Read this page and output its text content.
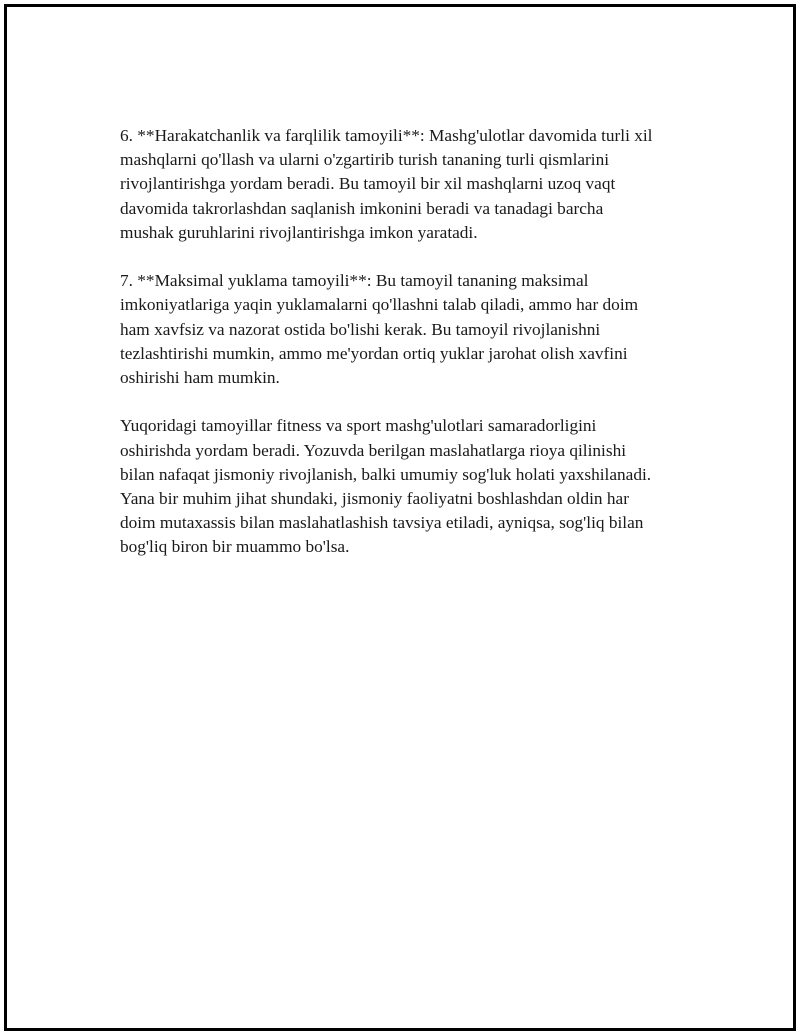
6. **Harakatchanlik va farqlilik tamoyili**: Mashg'ulotlar davomida turli xil
mashqlarni qo'llash va ularni o'zgartirib turish tananing turli qismlarini
rivojlantirishga yordam beradi. Bu tamoyil bir xil mashqlarni uzoq vaqt
davomida takrorlashdan saqlanish imkonini beradi va tanadagi barcha
mushak guruhlarini rivojlantirishga imkon yaratadi.

7. **Maksimal yuklama tamoyili**: Bu tamoyil tananing maksimal
imkoniyatlariga yaqin yuklamalarni qo'llashni talab qiladi, ammo har doim
ham xavfsiz va nazorat ostida bo'lishi kerak. Bu tamoyil rivojlanishni
tezlashtirishi mumkin, ammo me'yordan ortiq yuklar jarohat olish xavfini
oshirishi ham mumkin.

Yuqoridagi tamoyillar fitness va sport mashg'ulotlari samaradorligini
oshirishda yordam beradi. Yozuvda berilgan maslahatlarga rioya qilinishi
bilan nafaqat jismoniy rivojlanish, balki umumiy sog'luk holati yaxshilanadi.
Yana bir muhim jihat shundaki, jismoniy faoliyatni boshlashdan oldin har
doim mutaxassis bilan maslahatlashish tavsiya etiladi, ayniqsa, sog'liq bilan
bog'liq biron bir muammo bo'lsa.
